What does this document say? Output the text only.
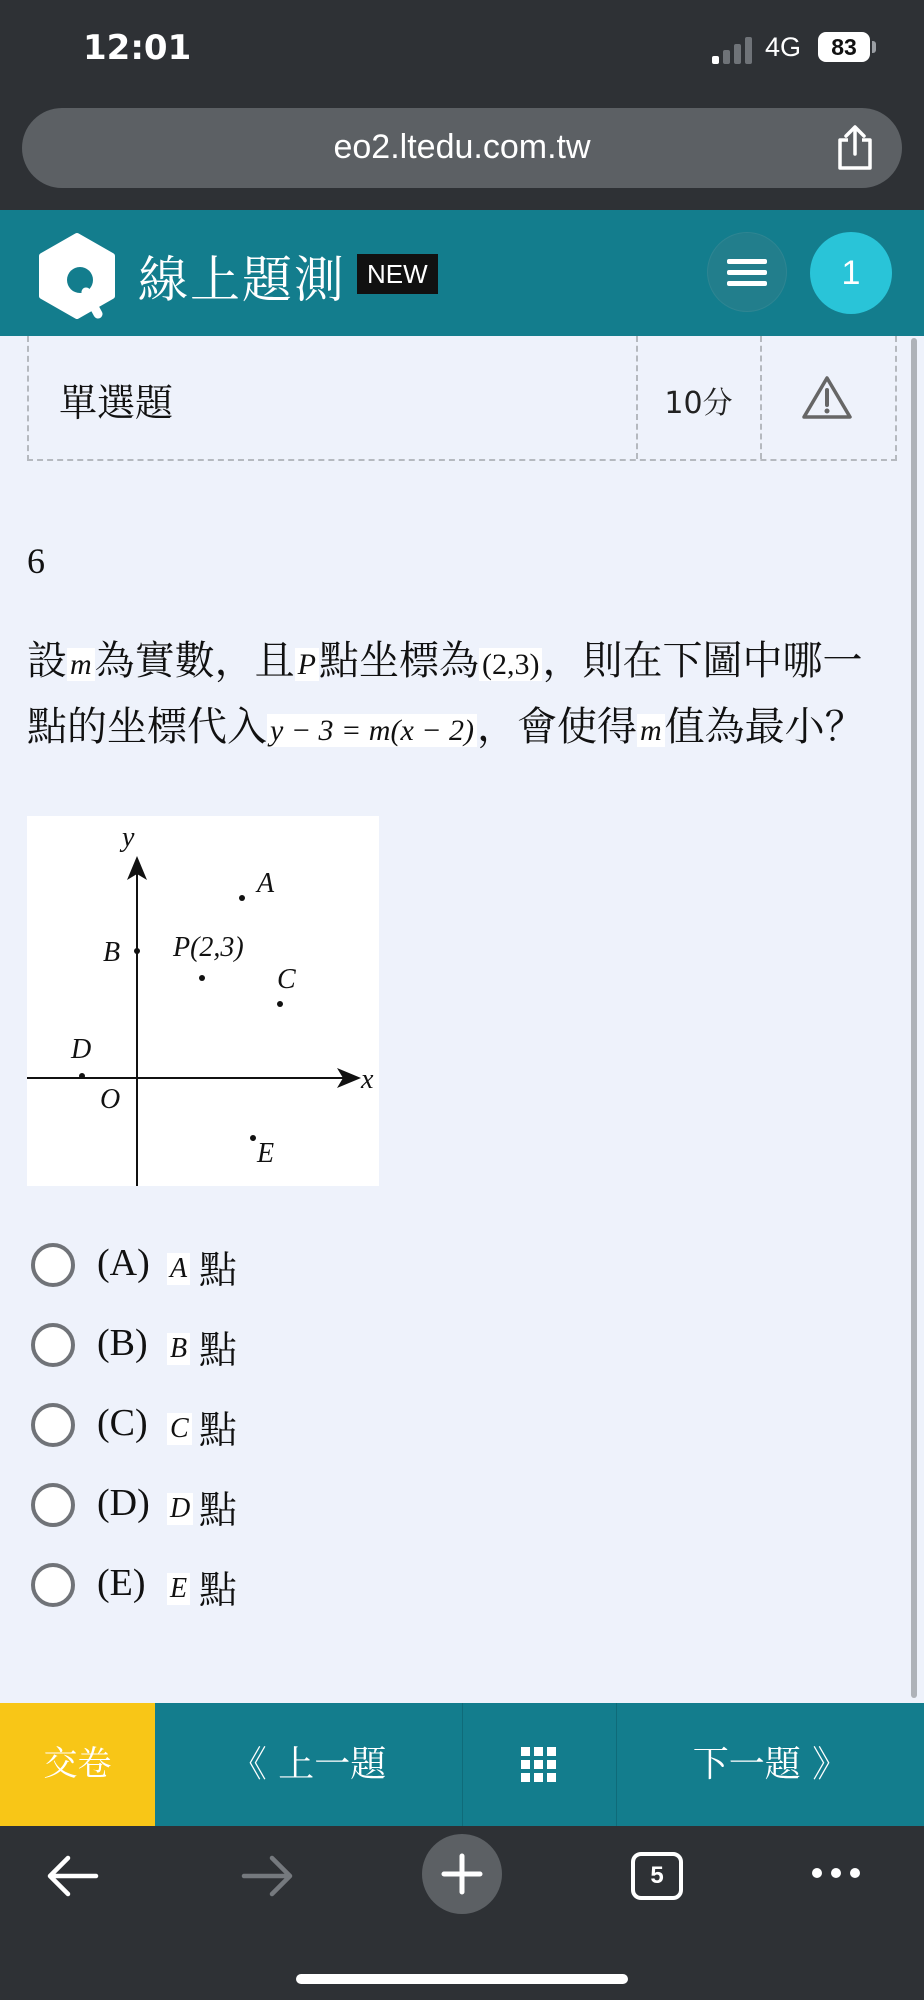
12:01	4G	83
eo2.ltedu.com.tw
線上題測 NEW	1
單選題	10分
6
設 m為實數，且 P點坐標為 (2,3)，則在下圖中哪一點的坐標代入 y − 3 = m(x − 2)，會使得 m值為最小？
x
y
O
A
B P(2,3)
C
D
E
(A) A 點
(B) B 點
(C) C 點
(D) D 點
(E) E 點
交卷	《 上一題	下一題 》
5
